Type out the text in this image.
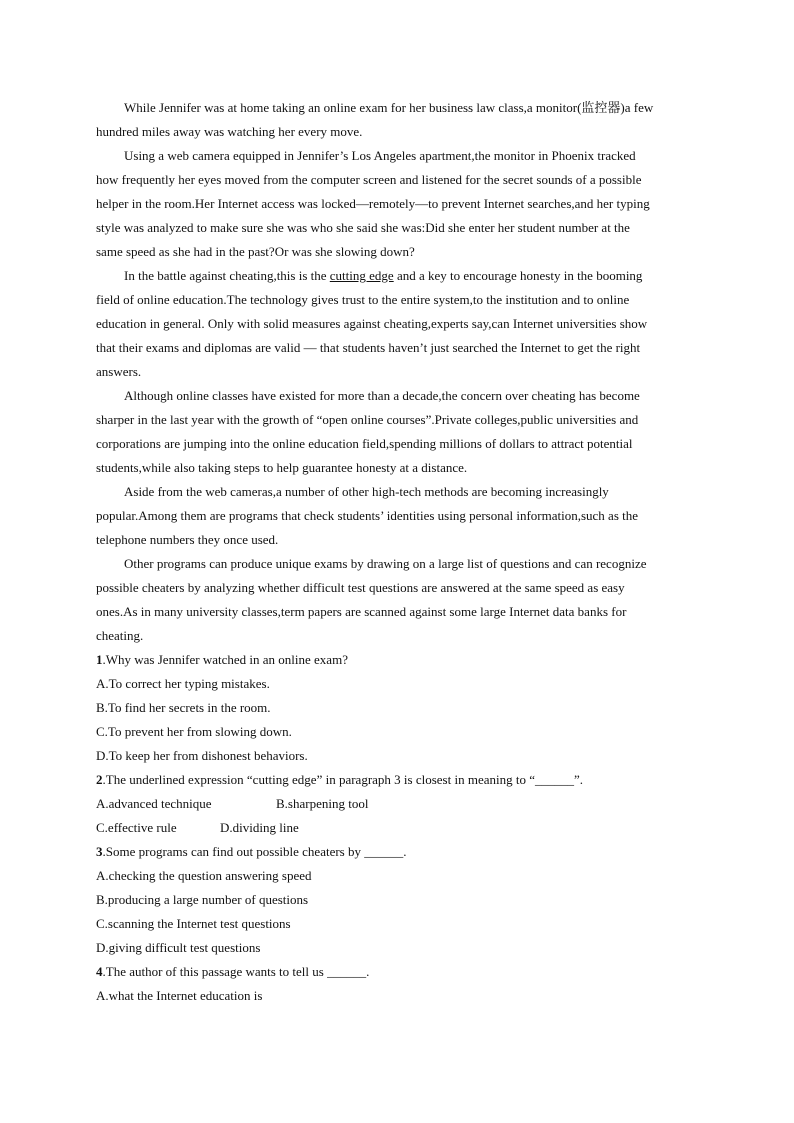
While Jennifer was at home taking an online exam for her business law class,a monitor(监控器)a few
hundred miles away was watching her every move.
Using a web camera equipped in Jennifer’s Los Angeles apartment,the monitor in Phoenix tracked
how frequently her eyes moved from the computer screen and listened for the secret sounds of a possible
helper in the room.Her Internet access was locked—remotely—to prevent Internet searches,and her typing
style was analyzed to make sure she was who she said she was:Did she enter her student number at the
same speed as she had in the past?Or was she slowing down?
In the battle against cheating,this is the cutting edge and a key to encourage honesty in the booming
field of online education.The technology gives trust to the entire system,to the institution and to online
education in general. Only with solid measures against cheating,experts say,can Internet universities show
that their exams and diplomas are valid — that students haven’t just searched the Internet to get the right
answers.
Although online classes have existed for more than a decade,the concern over cheating has become
sharper in the last year with the growth of “open online courses”.Private colleges,public universities and
corporations are jumping into the online education field,spending millions of dollars to attract potential
students,while also taking steps to help guarantee honesty at a distance.
Aside from the web cameras,a number of other high-tech methods are becoming increasingly
popular.Among them are programs that check students’ identities using personal information,such as the
telephone numbers they once used.
Other programs can produce unique exams by drawing on a large list of questions and can recognize
possible cheaters by analyzing whether difficult test questions are answered at the same speed as easy
ones.As in many university classes,term papers are scanned against some large Internet data banks for
cheating.
1.Why was Jennifer watched in an online exam?
A.To correct her typing mistakes.
B.To find her secrets in the room.
C.To prevent her from slowing down.
D.To keep her from dishonest behaviors.
2.The underlined expression “cutting edge” in paragraph 3 is closest in meaning to “______”.
A.advanced technique	B.sharpening tool
C.effective rule	D.dividing line
3.Some programs can find out possible cheaters by ______.
A.checking the question answering speed
B.producing a large number of questions
C.scanning the Internet test questions
D.giving difficult test questions
4.The author of this passage wants to tell us ______.
A.what the Internet education is
